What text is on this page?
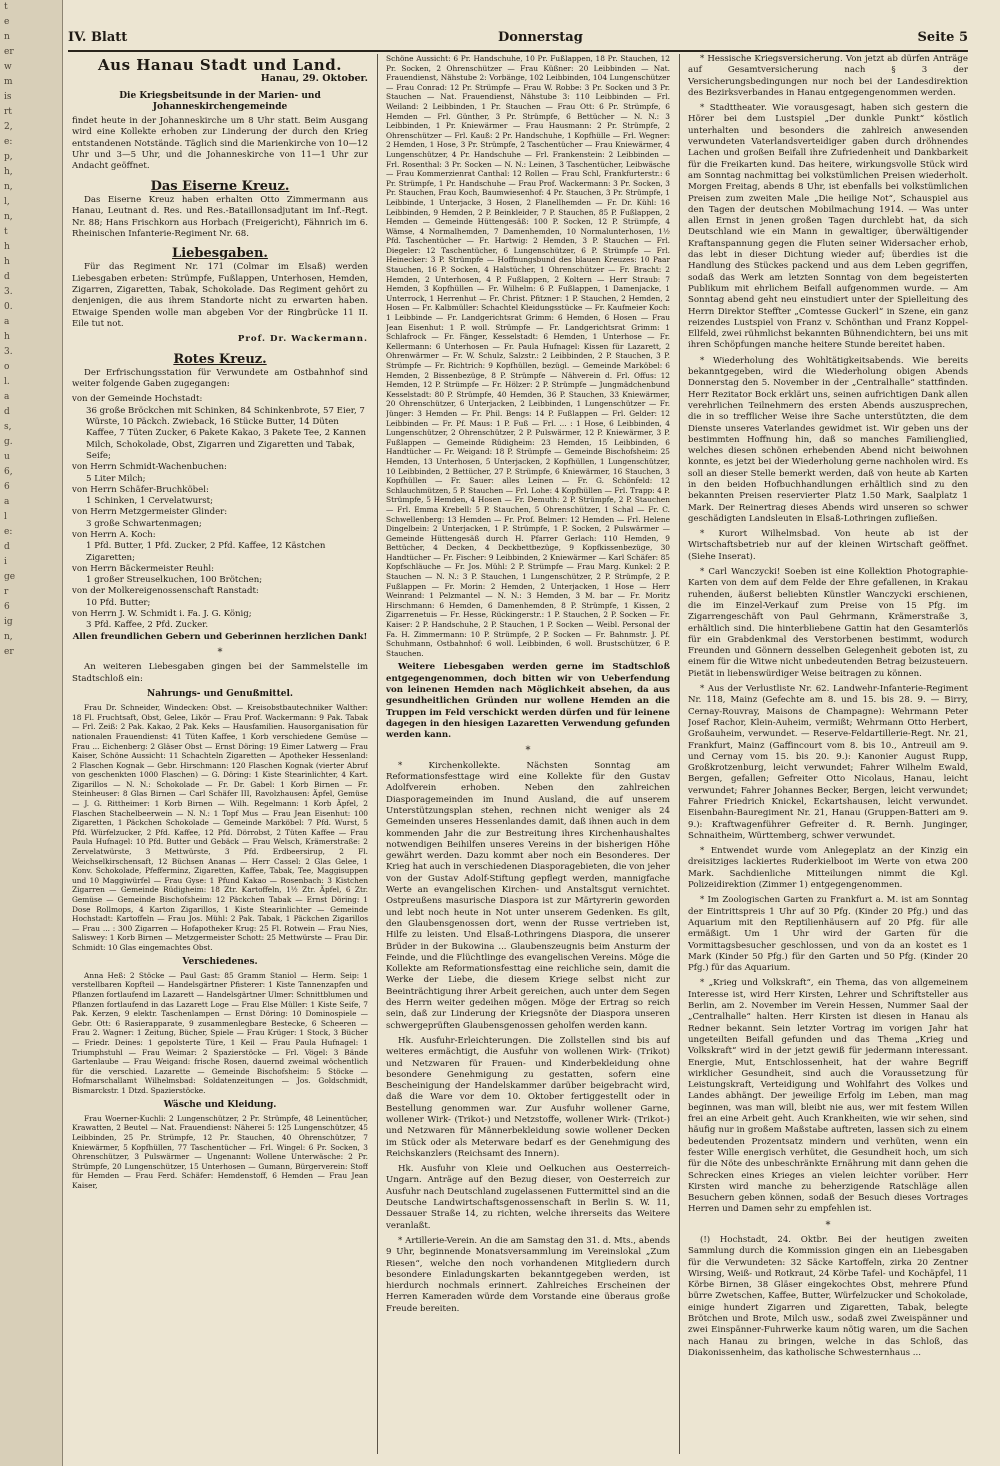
t
e
n
er
w
m
is
rt
2,
e:
p,
h,
n,
l,
n,
t
h
h
d
3.
0.
a
h
3.
o
l.
a
d
s,
g.
u
6,
6
a
l
e:
d
i
ge
r
6
ig
n,
er
IV. Blatt	Donnerstag	Seite 5
Aus Hanau Stadt und Land.
Hanau, 29. Oktober.
Die Kriegsbeitsunde in der Marien- und Johanneskirchengemeinde

findet heute in der Johanneskirche um 8 Uhr statt. Beim Ausgang wird eine Kollekte erhoben zur Linderung der durch den Krieg entstandenen Notstände. Täglich sind die Marienkirche von 10—12 Uhr und 3—5 Uhr, und die Johanneskirche von 11—1 Uhr zur Andacht geöffnet.

Das Eiserne Kreuz.

Das Eiserne Kreuz haben erhalten Otto Zimmermann aus Hanau, Leutnant d. Res. und Res.-Bataillonsadjutant im Inf.-Regt. Nr. 88; Hans Frischkorn aus Horbach (Freigericht), Fähnrich im 6. Rheinischen Infanterie-Regiment Nr. 68.

Liebesgaben.

Für das Regiment Nr. 171 (Colmar im Elsaß) werden Liebesgaben erbeten: Strümpfe, Fußlappen, Unterhosen, Hemden, Zigarren, Zigaretten, Tabak, Schokolade. Das Regiment gehört zu denjenigen, die aus ihrem Standorte nicht zu erwarten haben. Etwaige Spenden wolle man abgeben Vor der Ringbrücke 11 II. Eile tut not.

Prof. Dr. Wackermann.
Rotes Kreuz.

Der Erfrischungsstation für Verwundete am Ostbahnhof sind weiter folgende Gaben zugegangen:

von der Gemeinde Hochstadt:
36 große Bröckchen mit Schinken, 84 Schinkenbrote, 57 Eier, 7 Würste, 10 Päckch. Zwieback, 16 Stücke Butter, 14 Düten Kaffee, 7 Tüten Zucker, 6 Pakete Kakao, 3 Pakete Tee, 2 Kannen Milch, Schokolade, Obst, Zigarren und Zigaretten und Tabak, Seife;
von Herrn Schmidt-Wachenbuchen:
5 Liter Milch;
von Herrn Schäfer-Bruchköbel:
1 Schinken, 1 Cervelatwurst;
von Herrn Metzgermeister Glinder:
3 große Schwartenmagen;
von Herrn A. Koch:
1 Pfd. Butter, 1 Pfd. Zucker, 2 Pfd. Kaffee, 12 Kästchen Zigaretten;
von Herrn Bäckermeister Reuhl:
1 großer Streuselkuchen, 100 Brötchen;
von der Molkereigenossenschaft Ranstadt:
10 Pfd. Butter;
von Herrn J. W. Schmidt i. Fa. J. G. König;
3 Pfd. Kaffee, 2 Pfd. Zucker.
Allen freundlichen Gebern und Geberinnen herzlichen Dank!
*

An weiteren Liebesgaben gingen bei der Sammelstelle im Stadtschloß ein:

Nahrungs- und Genußmittel.

Frau Dr. Schneider, Windecken: Obst. — Kreisobstbautechniker Walther: 18 Fl. Fruchtsaft, Obst, Gelee, Likör — Frau Prof. Wackermann: 9 Pak. Tabak — Frl. Zeiß: 2 Pak. Kakao, 2 Pak. Keks — Hausfamilien. Hausorganisation für nationalen Frauendienst: 41 Tüten Kaffee, 1 Korb verschiedene Gemüse — Frau ... Eichenberg: 2 Gläser Obst — Ernst Döring: 19 Eimer Latwerg — Frau Kaiser, Schöne Aussicht: 11 Schachteln Zigaretten — Apotheker Hessenland: 2 Flaschen Kognak — Gebr. Hirschmann: 120 Flaschen Kognak (vierter Abruf von geschenkten 1000 Flaschen) — G. Döring: 1 Kiste Stearinlichter, 4 Kart. Zigarillos — N. N.: Schokolade — Fr. Dr. Gabel: 1 Korb Birnen — Fr. Steinheuser: 8 Glas Birnen — Carl Schäfer III, Ravolzhausen: Äpfel, Gemüse — J. G. Rittheimer: 1 Korb Birnen — Wilh. Regelmann: 1 Korb Äpfel, 2 Flaschen Stachelbeerwein — N. N.: 1 Topf Mus — Frau Jean Eisenhut: 100 Zigaretten, 1 Päckchen Schokolade — Gemeinde Marköbel: 7 Pfd. Wurst, 5 Pfd. Würfelzucker, 2 Pfd. Kaffee, 12 Pfd. Dörrobst, 2 Tüten Kaffee — Frau Paula Hufnagel: 10 Pfd. Butter und Gebäck — Frau Welsch, Krämerstraße: 2 Zervelatwürste, 3 Mettwürste, 3 Pfd. Erdbeersirup, 2 Fl. Weichselkirschensaft, 12 Büchsen Ananas — Herr Cassel: 2 Glas Gelee, 1 Konv. Schokolade, Pfefferminz, Zigaretten, Kaffee, Tabak, Tee, Maggisuppen und 10 Maggiwürfel — Frau Gyse: 1 Pfund Kakao — Rosenbach: 3 Kistchen Zigarren — Gemeinde Rüdigheim: 18 Ztr. Kartoffeln, 1½ Ztr. Äpfel, 6 Ztr. Gemüse — Gemeinde Bischofsheim: 12 Päckchen Tabak — Ernst Döring: 1 Dose Rollmops, 4 Karton Zigarillos, 1 Kiste Stearinlichter — Gemeinde Hochstadt: Kartoffeln — Frau Jos. Mühl: 2 Pak. Tabak, 1 Päckchen Zigarillos — Frau ... : 300 Zigarren — Hofapotheker Krug: 25 Fl. Rotwein — Frau Nies, Saliswey: 1 Korb Birnen — Metzgermeister Schott: 25 Mettwürste — Frau Dir. Schmidt: 10 Glas eingemachtes Obst.

Verschiedenes.

Anna Heß: 2 Stöcke — Paul Gast: 85 Gramm Staniol — Herm. Seip: 1 verstellbaren Kopfteil — Handelsgärtner Pfisterer: 1 Kiste Tannenzapfen und Pflanzen fortlaufend im Lazarett — Handelsgärtner Ulmer: Schnittblumen und Pflanzen fortlaufend in das Lazarett Loge — Frau Else Müller: 1 Kiste Seife, 7 Pak. Kerzen, 9 elektr. Taschenlampen — Ernst Döring: 10 Dominospiele — Gebr. Ott: 6 Rasierapparate, 9 zusammenlegbare Bestecke, 6 Scheeren — Frau 2. Wagner: 1 Zeitung, Bücher, Spiele — Frau Krüger: 1 Stock, 3 Bücher — Friedr. Deines: 1 gepolsterte Türe, 1 Keil — Frau Paula Hufnagel: 1 Triumphstuhl — Frau Weimar: 2 Spazierstöcke — Frl. Vögel: 3 Bände Gartenlaube — Frau Weigand: frische Rosen, dauernd zweimal wöchentlich für die verschied. Lazarette — Gemeinde Bischofsheim: 5 Stöcke — Hofmarschallamt Wilhelmsbad: Soldatenzeitungen — Jos. Goldschmidt, Bismarckstr. 1 Dtzd. Spazierstöcke.

Wäsche und Kleidung.

Frau Woerner-Kuchli: 2 Lungenschützer, 2 Pr. Strümpfe, 48 Leinentücher, Krawatten, 2 Beutel — Nat. Frauendienst: Näherei 5: 125 Lungenschützer, 45 Leibbinden, 25 Pr. Strümpfe, 12 Pr. Stauchen, 40 Ohrenschützer, 7 Kniewärmer, 5 Kopfhüllen, 77 Taschentücher — Frl. Wingel: 6 Pr. Socken, 3 Ohrenschützer, 3 Pulswärmer — Ungenannt: Wollene Unterwäsche: 2 Pr. Strümpfe, 20 Lungenschützer, 15 Unterhosen — Gumann, Bürgerverein: Stoff für Hemden — Frau Ferd. Schäfer: Hemdenstoff, 6 Hemden — Frau Jean Kaiser,

Schöne Aussicht: 6 Pr. Handschuhe, 10 Pr. Fußlappen, 18 Pr. Stauchen, 12 Pr. Socken, 2 Ohrenschützer — Frau Küßner: 20 Leibbinden — Nat. Frauendienst, Nähstube 2: Vorbänge, 102 Leibbinden, 104 Lungenschützer — Frau Conrad: 12 Pr. Strümpfe — Frau W. Robbe: 3 Pr. Socken und 3 Pr. Stauchen — Nat. Frauendienst, Nähstube 3: 110 Leibbinden — Frl. Weiland: 2 Leibbinden, 1 Pr. Stauchen — Frau Ott: 6 Pr. Strümpfe, 6 Hemden — Frl. Günther, 3 Pr. Strümpfe, 6 Bettücher — N. N.: 3 Leibbinden, 1 Pr. Kniewärmer — Frau Hausmann: 2 Pr. Strümpfe, 2 Ohrenschützer — Frl. Kauß: 2 Pr. Handschuhe, 1 Kopfhülle — Frl. Wegner: 2 Hemden, 1 Hose, 3 Pr. Strümpfe, 2 Taschentücher — Frau Kniewärmer, 4 Lungenschützer, 4 Pr. Handschuhe — Frl. Frankenstein: 2 Leibbinden — Frl. Rosenthal: 3 Pr. Socken — N. N.: Leinen, 3 Taschentücher, Leibwäsche — Frau Kommerzienrat Canthal: 12 Rollen — Frau Schl, Frankfurterstr.: 6 Pr. Strümpfe, 1 Pr. Handschuhe — Frau Prof. Wackermann: 3 Pr. Socken, 3 Pr. Stauchen, Frau Koch, Baumwiesenhof: 4 Pr. Stauchen, 3 Pr. Strümpfe, 1 Leibbinde, 1 Unterjacke, 3 Hosen, 2 Flanellhemden — Fr. Dr. Kühl: 16 Leibbinden, 9 Hemden, 2 P. Beinkleider, 7 P. Stauchen, 85 P. Fußlappen, 2 Hemden — Gemeinde Hüttengesäß: 100 P. Socken, 12 P. Strümpfe, 4 Wämse, 4 Normalhemden, 7 Damenhemden, 10 Normalunterhosen, 1½ Pfd. Taschentücher — Fr. Hartwig: 2 Hemden, 3 P. Stauchen — Frl. Diegeler: 12 Taschentücher, 6 Lungenschützer, 6 P. Strümpfe — Frl. Heinecker: 3 P. Strümpfe — Hoffnungsbund des blauen Kreuzes: 10 Paar Stauchen, 16 P. Socken, 4 Halstücher, 1 Ohrenschützer — Fr. Bracht: 2 Hemden, 2 Unterhosen, 4 P. Fußlappen, 2 Koltern — Herr Straub: 7 Hemden, 3 Kopfhüllen — Fr. Wilhelm: 6 P. Fußlappen, 1 Damenjacke, 1 Unterrock, 1 Herrenhut — Fr. Christ. Pfitzner: 1 P. Stauchen, 2 Hemden, 2 Hosen — Fr. Kalbmüller: Schachtel Kleidungsstücke — Fr. Kaufmeier Koch: 1 Leibbinde — Fr. Landgerichtsrat Grimm: 6 Hemden, 6 Hosen — Frau Jean Eisenhut: 1 P. woll. Strümpfe — Fr. Landgerichtsrat Grimm: 1 Schlafrock — Fr. Fänger, Kesselstadt: 6 Hemden, 1 Unterhose — Fr. Kellermann: 6 Unterhosen — Fr. Paula Hufnagel: Kissen für Lazarett, 2 Ohrenwärmer — Fr. W. Schulz, Salzstr.: 2 Leibbinden, 2 P. Stauchen, 3 P. Strümpfe — Fr. Richtrich: 9 Kopfhüllen, bezügl. — Gemeinde Marköbel: 6 Hemden, 2 Bissenbezüge, 8 P. Strümpfe — Nähverein d. Frl. Offus: 12 Hemden, 12 P. Strümpfe — Fr. Hölzer: 2 P. Strümpfe — Jungmädchenbund Kesselstadt: 80 P. Strümpfe, 40 Hemden, 36 P. Stauchen, 33 Kniewärmer, 20 Ohrenschützer, 6 Unterjacken, 2 Leibbinden, 1 Lungenschützer — Fr. Jünger: 3 Hemden — Fr. Phil. Bengs: 14 P. Fußlappen — Frl. Gelder: 12 Leibbinden — Fr. Pf. Maus: 1 P. Fuß — Frl. ... : 1 Hose, 6 Leibbinden, 4 Lungenschützer, 2 Ohrenschützer, 2 P. Pulswärmer, 12 P. Kniewärmer, 3 P. Fußlappen — Gemeinde Rüdigheim: 23 Hemden, 15 Leibbinden, 6 Handtücher — Fr. Weigand: 18 P. Strümpfe — Gemeinde Bischofsheim: 25 Hemden, 13 Unterhosen, 5 Unterjacken, 2 Kopfhüllen, 1 Lungenschützer, 10 Leibbinden, 2 Bettücher, 27 P. Strümpfe, 6 Kniewärmer, 16 Stauchen, 3 Kopfhüllen — Fr. Sauer: alles Leinen — Fr. G. Schönfeld: 12 Schlauchmützen, 5 P. Stauchen — Frl. Lohe: 4 Kopfhüllen — Frl. Trapp: 4 P. Strümpfe, 5 Hemden, 4 Hosen — Fr. Demuth: 2 P. Strümpfe, 2 P. Stauchen — Frl. Emma Krebell: 5 P. Stauchen, 5 Ohrenschützer, 1 Schal — Fr. C. Schwellenberg: 13 Hemden — Fr. Prof. Belmer: 12 Hemden — Frl. Helene Dingelbein: 2 Unterjacken, 1 P. Strümpfe, 1 P. Socken, 2 Pulswärmer — Gemeinde Hüttengesäß durch H. Pfarrer Gerlach: 110 Hemden, 9 Bettücher, 4 Decken, 4 Deckbettbezüge, 9 Kopfkissenbezüge, 30 Handtücher — Fr. Fischer: 9 Leibbinden, 2 Kniewärmer — Karl Schäfer: 85 Kopfschläuche — Fr. Jos. Mühl: 2 P. Strümpfe — Frau Marg. Kunkel: 2 P. Stauchen — N. N.: 3 P. Stauchen, 1 Lungenschützer, 2 P. Strümpfe, 2 P. Fußlappen — Fr. Morin: 2 Hemden, 2 Unterjacken, 1 Hose — Herr Weinrand: 1 Pelzmantel — N. N.: 3 Hemden, 3 M. bar — Fr. Moritz Hirschmann: 6 Hemden, 6 Damenhemden, 8 P. Strümpfe, 1 Kissen, 2 Zigarrenetuis — Fr. Hesse, Rückingerstr.: 1 P. Stauchen, 2 P. Socken — Fr. Kaiser: 2 P. Handschuhe, 2 P. Stauchen, 1 P. Socken — Weibl. Personal der Fa. H. Zimmermann: 10 P. Strümpfe, 2 P. Socken — Fr. Bahnmstr. J. Pf. Schuhmann, Ostbahnhof: 6 woll. Leibbinden, 6 woll. Brustschützer, 6 P. Stauchen.

Weitere Liebesgaben werden gerne im Stadtschloß entgegengenommen, doch bitten wir von Ueberfendung von leinenen Hemden nach Möglichkeit absehen, da aus gesundheitlichen Gründen nur wollene Hemden an die Truppen im Feld verschickt werden dürfen und für leinene dagegen in den hiesigen Lazaretten Verwendung gefunden werden kann.

*

* Kirchenkollekte. Nächsten Sonntag am Reformationsfesttage wird eine Kollekte für den Gustav Adolfverein erhoben. Neben den zahlreichen Diasporagemeinden im Inund Ausland, die auf unserem Unterstützungsplan stehen, rechnen nicht weniger als 24 Gemeinden unseres Hessenlandes damit, daß ihnen auch in dem kommenden Jahr die zur Bestreitung ihres Kirchenhaushaltes notwendigen Beihilfen unseres Vereins in der bisherigen Höhe gewährt werden. Dazu kommt aber noch ein Besonderes. Der Krieg hat auch in verschiedenen Diasporagebieten, die von jeher von der Gustav Adolf-Stiftung gepflegt werden, mannigfache Werte an evangelischen Kirchen- und Anstaltsgut vernichtet. Ostpreußens masurische Diaspora ist zur Märtyrerin geworden und lebt noch heute in Not unter unserem Gedenken. Es gilt, den Glaubensgenossen dort, wenn der Russe vertrieben ist, Hilfe zu leisten. Und Elsaß-Lothringens Diaspora, die unserer Brüder in der Bukowina ... Glaubenszeugnis beim Ansturm der Feinde, und die Flüchtlinge des evangelischen Vereins. Möge die Kollekte am Reformationsfesttag eine reichliche sein, damit die Werke der Liebe, die diesem Kriege selbst nicht zur Beeinträchtigung ihrer Arbeit gereichen, auch unter dem Segen des Herrn weiter gedeihen mögen. Möge der Ertrag so reich sein, daß zur Linderung der Kriegsnöte der Diaspora unseren schwergeprüften Glaubensgenossen geholfen werden kann.

Hk. Ausfuhr-Erleichterungen. Die Zollstellen sind bis auf weiteres ermächtigt, die Ausfuhr von wollenen Wirk- (Trikot) und Netzwaren für Frauen- und Kinderbekleidung ohne besondere Genehmigung zu gestatten, sofern eine Bescheinigung der Handelskammer darüber beigebracht wird, daß die Ware vor dem 10. Oktober fertiggestellt oder in Bestellung genommen war. Zur Ausfuhr wollener Garne, wollener Wirk- (Trikot-) und Netzstoffe, wollener Wirk- (Trikot-) und Netzwaren für Männerbekleidung sowie wollener Decken im Stück oder als Meterware bedarf es der Genehmigung des Reichskanzlers (Reichsamt des Innern).

Hk. Ausfuhr von Kleie und Oelkuchen aus Oesterreich-Ungarn. Anträge auf den Bezug dieser, von Oesterreich zur Ausfuhr nach Deutschland zugelassenen Futtermittel sind an die Deutsche Landwirtschaftsgenossenschaft in Berlin S. W. 11, Dessauer Straße 14, zu richten, welche ihrerseits das Weitere veranlaßt.

* Artillerie-Verein. An die am Samstag den 31. d. Mts., abends 9 Uhr, beginnende Monatsversammlung im Vereinslokal „Zum Riesen“, welche den noch vorhandenen Mitgliedern durch besondere Einladungskarten bekanntgegeben werden, ist hierdurch nochmals erinnert. Zahlreiches Erscheinen der Herren Kameraden würde dem Vorstande eine überaus große Freude bereiten.

* Hessische Kriegsversicherung. Von jetzt ab dürfen Anträge auf Gesamtversicherung nach § 3 der Versicherungsbedingungen nur noch bei der Landesdirektion des Bezirksverbandes in Hanau entgegengenommen werden.

* Stadttheater. Wie vorausgesagt, haben sich gestern die Hörer bei dem Lustspiel „Der dunkle Punkt“ köstlich unterhalten und besonders die zahlreich anwesenden verwundeten Vaterlandsverteidiger gaben durch dröhnendes Lachen und großen Beifall ihre Zufriedenheit und Dankbarkeit für die Freikarten kund. Das heitere, wirkungsvolle Stück wird am Sonntag nachmittag bei volkstümlichen Preisen wiederholt. Morgen Freitag, abends 8 Uhr, ist ebenfalls bei volkstümlichen Preisen zum zweiten Male „Die heilige Not“, Schauspiel aus den Tagen der deutschen Mobilmachung 1914. — Was unter allen Ernst in jenen großen Tagen durchlebt hat, da sich Deutschland wie ein Mann in gewaltiger, überwältigender Kraftanspannung gegen die Fluten seiner Widersacher erhob, das lebt in dieser Dichtung wieder auf; überdies ist die Handlung des Stückes packend und aus dem Leben gegriffen, sodaß das Werk am letzten Sonntag von dem begeisterten Publikum mit ehrlichem Beifall aufgenommen wurde. — Am Sonntag abend geht neu einstudiert unter der Spielleitung des Herrn Direktor Steffter „Comtesse Guckerl“ in Szene, ein ganz reizendes Lustspiel von Franz v. Schönthan und Franz Koppel-Ellfeld, zwei rühmlichst bekannten Bühnendichtern, bei uns mit ihren Schöpfungen manche heitere Stunde bereitet haben.

* Wiederholung des Wohltätigkeitsabends. Wie bereits bekanntgegeben, wird die Wiederholung obigen Abends Donnerstag den 5. November in der „Centralhalle“ stattfinden. Herr Rezitator Bock erklärt uns, seinen aufrichtigen Dank allen verehrlichen Teilnehmern des ersten Abends auszusprechen, die in so trefflicher Weise ihre Sache unterstützten, die dem Dienste unseres Vaterlandes gewidmet ist. Wir geben uns der bestimmten Hoffnung hin, daß so manches Familienglied, welches diesen schönen erhebenden Abend nicht beiwohnen konnte, es jetzt bei der Wiederholung gerne nachholen wird. Es soll an dieser Stelle bemerkt werden, daß von heute ab Karten in den beiden Hofbuchhandlungen erhältlich sind zu den bekannten Preisen reservierter Platz 1.50 Mark, Saalplatz 1 Mark. Der Reinertrag dieses Abends wird unseren so schwer geschädigten Landsleuten in Elsaß-Lothringen zufließen.

* Kurort Wilhelmsbad. Von heute ab ist der Wirtschaftsbetrieb nur auf der kleinen Wirtschaft geöffnet. (Siehe Inserat).

* Carl Wanczycki! Soeben ist eine Kollektion Photographie-Karten von dem auf dem Felde der Ehre gefallenen, in Krakau ruhenden, äußerst beliebten Künstler Wanczycki erschienen, die im Einzel-Verkauf zum Preise von 15 Pfg. im Zigarrengeschäft von Paul Gehrmann, Krämerstraße 3, erhältlich sind. Die hinterbliebene Gattin hat den Gesamterlös für ein Grabdenkmal des Verstorbenen bestimmt, wodurch Freunden und Gönnern desselben Gelegenheit geboten ist, zu einem für die Witwe nicht unbedeutenden Betrag beizusteuern. Pietät in liebenswürdiger Weise beitragen zu können.

* Aus der Verlustliste Nr. 62. Landwehr-Infanterie-Regiment Nr. 118, Mainz (Gefechte am 8. und 15. bis 28. 9. — Birry, Cernay-Rouvray, Maisons de Champagne): Wehrmann Peter Josef Rachor, Klein-Auheim, vermißt; Wehrmann Otto Herbert, Großauheim, verwundet. — Reserve-Feldartillerie-Regt. Nr. 21, Frankfurt, Mainz (Gaffincourt vom 8. bis 10., Antreuil am 9. und Cernay vom 15. bis 20. 9.): Kanonier August Rupp, Großkrotzenburg, leicht verwundet; Fahrer Wilhelm Ewald, Bergen, gefallen; Gefreiter Otto Nicolaus, Hanau, leicht verwundet; Fahrer Johannes Becker, Bergen, leicht verwundet; Fahrer Friedrich Knickel, Eckartshausen, leicht verwundet. Eisenbahn-Bauregiment Nr. 21, Hanau (Gruppen-Batteri am 9. 9.): Kraftwagenführer Gefreiter d. R. Bernh. Junginger, Schnaitheim, Württemberg, schwer verwundet.

* Entwendet wurde vom Anlegeplatz an der Kinzig ein dreisitziges lackiertes Ruderkielboot im Werte von etwa 200 Mark. Sachdienliche Mitteilungen nimmt die Kgl. Polizeidirektion (Zimmer 1) entgegengenommen.

* Im Zoologischen Garten zu Frankfurt a. M. ist am Sonntag der Eintrittspreis 1 Uhr auf 30 Pfg. (Kinder 20 Pfg.) und das Aquarium mit den Reptilienhäusern auf 20 Pfg. für alle ermäßigt. Um 1 Uhr wird der Garten für die Vormittagsbesucher geschlossen, und von da an kostet es 1 Mark (Kinder 50 Pfg.) für den Garten und 50 Pfg. (Kinder 20 Pfg.) für das Aquarium.

* „Krieg und Volkskraft“, ein Thema, das von allgemeinem Interesse ist, wird Herr Kirsten, Lehrer und Schriftsteller aus Berlin, am 2. November im Verein Hessen, Nummer Saal der „Centralhalle“ halten. Herr Kirsten ist diesen in Hanau als Redner bekannt. Sein letzter Vortrag im vorigen Jahr hat ungeteilten Beifall gefunden und das Thema „Krieg und Volkskraft“ wird in der jetzt gewiß für jedermann interessant. Energie, Mut, Entschlossenheit, hat der wahre Begriff wirklicher Gesundheit, sind auch die Voraussetzung für Leistungskraft, Verteidigung und Wohlfahrt des Volkes und Landes abhängt. Der jeweilige Erfolg im Leben, man mag beginnen, was man will, bleibt nie aus, wer mit festem Willen frei an eine Arbeit geht. Auch Krankheiten, wie wir sehen, sind häufig nur in großem Maßstabe auftreten, lassen sich zu einem bedeutenden Prozentsatz mindern und verhüten, wenn ein fester Wille energisch verhütet, die Gesundheit hoch, um sich für die Nöte des unbeschränkte Ernährung mit dann gehen die Schrecken eines Krieges an vielen leichter vorüber. Herr Kirsten wird manche zu beherzigende Ratschläge allen Besuchern geben können, sodaß der Besuch dieses Vortrages Herren und Damen sehr zu empfehlen ist.

*

(!) Hochstadt, 24. Oktbr. Bei der heutigen zweiten Sammlung durch die Kommission gingen ein an Liebesgaben für die Verwundeten: 32 Säcke Kartoffeln, zirka 20 Zentner Wirsing, Weiß- und Rotkraut, 24 Körbe Tafel- und Kochäpfel, 11 Körbe Birnen, 38 Gläser eingekochtes Obst, mehrere Pfund bürre Zwetschen, Kaffee, Butter, Würfelzucker und Schokolade, einige hundert Zigarren und Zigaretten, Tabak, belegte Brötchen und Brote, Milch usw., sodaß zwei Zweispänner und zwei Einspänner-Fuhrwerke kaum nötig waren, um die Sachen nach Hanau zu bringen, welche in das Schloß, das Diakonissenheim, das katholische Schwesternhaus ...
